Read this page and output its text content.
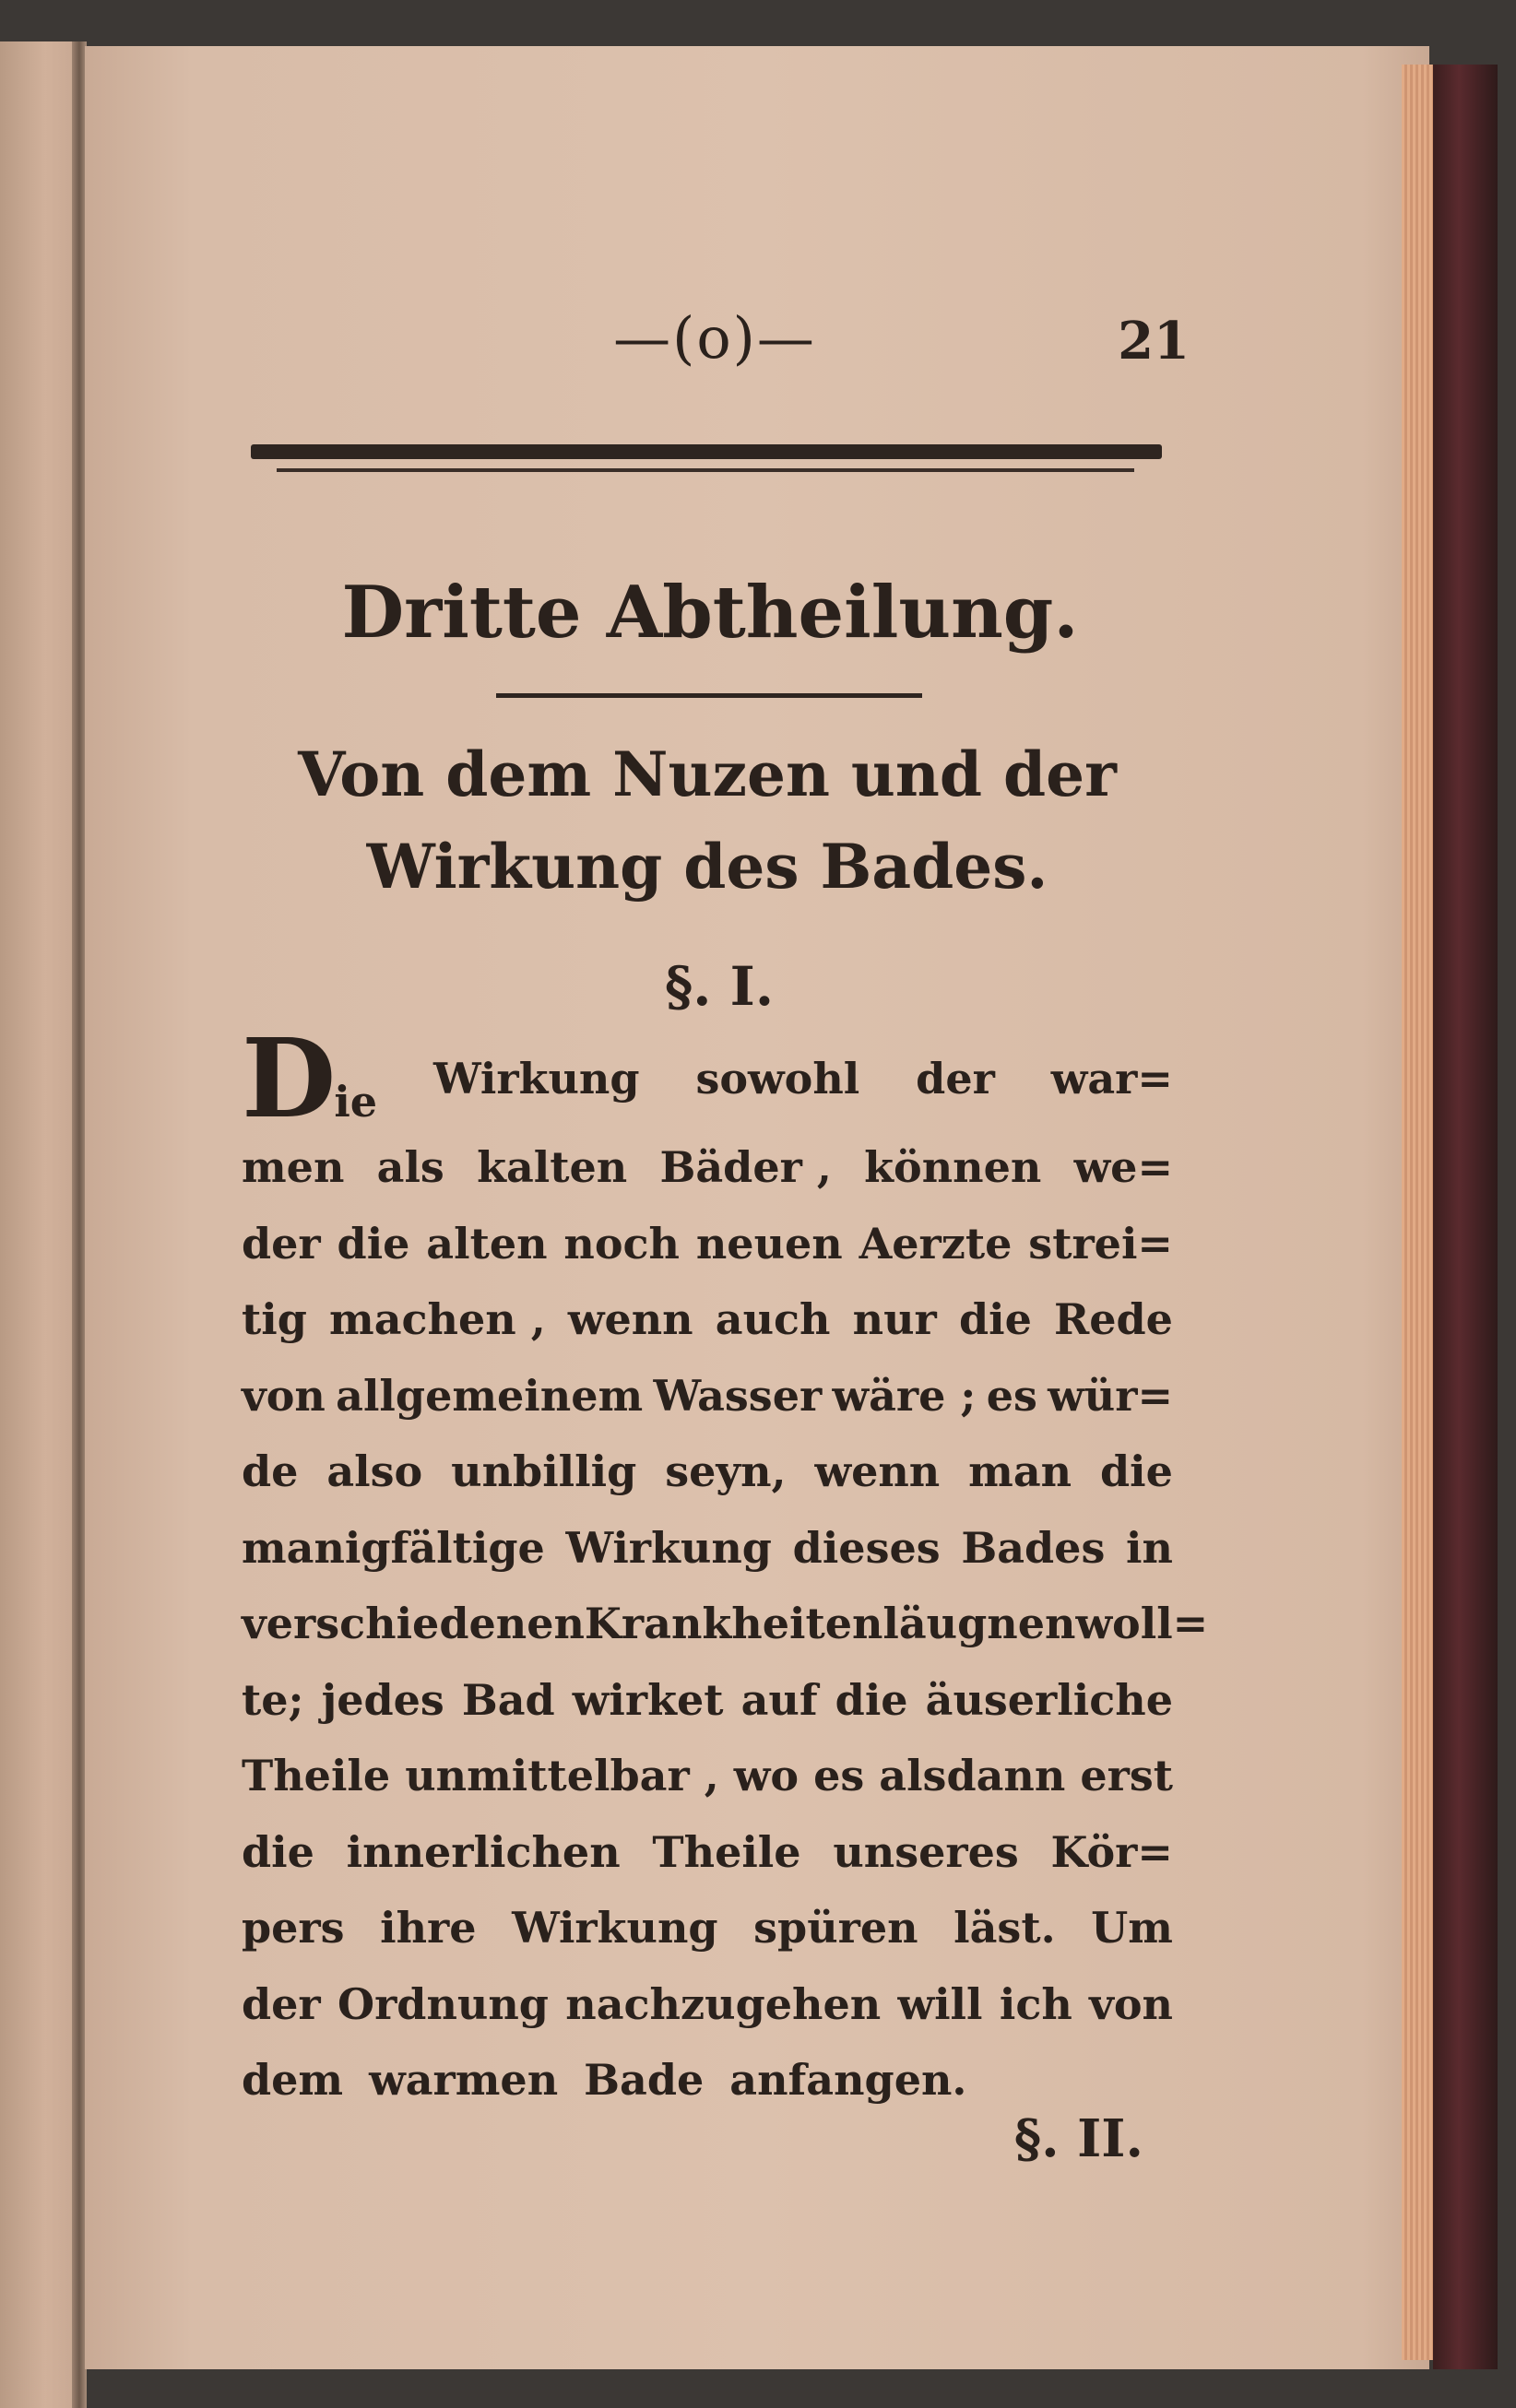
—(o)—	21
Dritte Abtheilung.
Von dem Nuzen und der Wirkung des Bades.
§. I.
Die Wirkung sowohl der war=
men als kalten Bäder , können we=
der die alten noch neuen Aerzte strei=
tig machen , wenn auch nur die Rede
von allgemeinem Wasser wäre ; es wür=
de also unbillig seyn, wenn man die
manigfältige Wirkung dieses Bades in
verschiedenen Krankheiten läugnen woll=
te; jedes Bad wirket auf die äuserliche
Theile unmittelbar , wo es alsdann erst
die innerlichen Theile unseres Kör=
pers ihre Wirkung spüren läst. Um
der Ordnung nachzugehen will ich von
dem warmen Bade anfangen.
§. II.
